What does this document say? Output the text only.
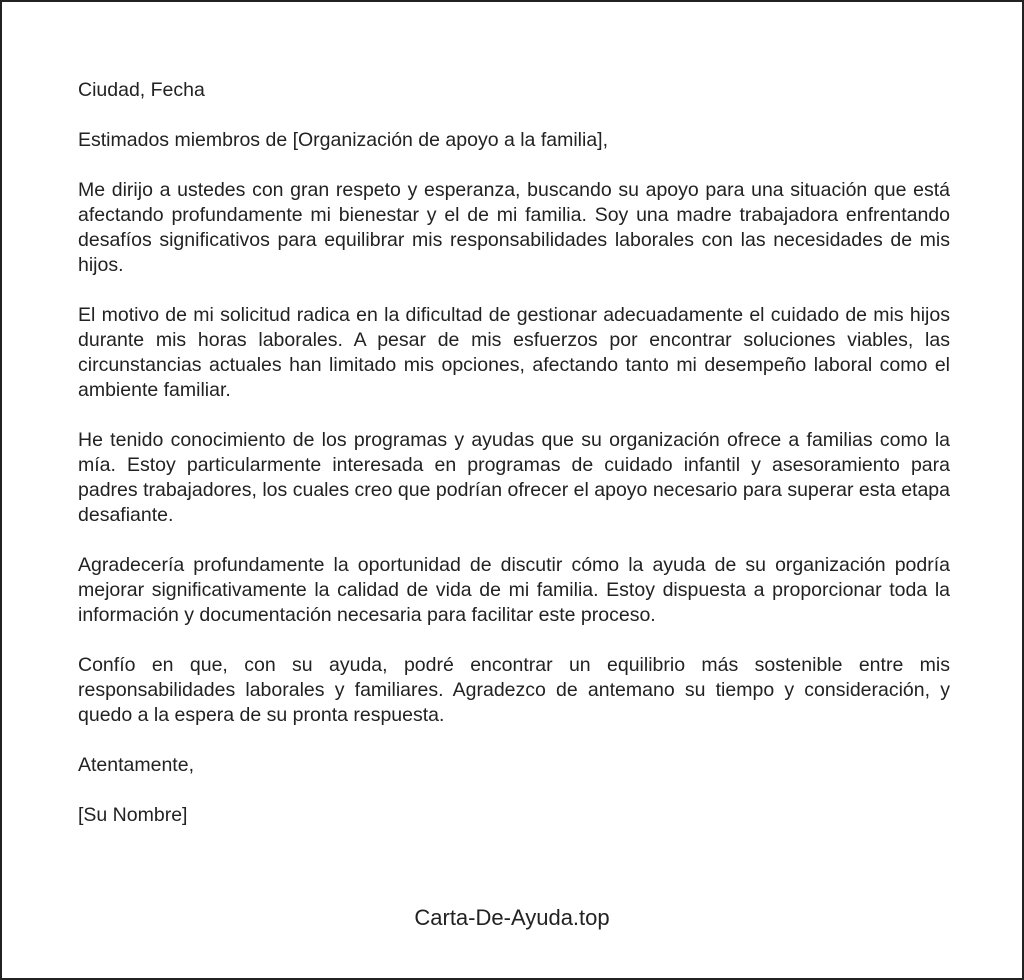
Ciudad, Fecha

Estimados miembros de [Organización de apoyo a la familia],

Me dirijo a ustedes con gran respeto y esperanza, buscando su apoyo para una situación que está afectando profundamente mi bienestar y el de mi familia. Soy una madre trabajadora enfrentando desafíos significativos para equilibrar mis responsabilidades laborales con las necesidades de mis hijos.

El motivo de mi solicitud radica en la dificultad de gestionar adecuadamente el cuidado de mis hijos durante mis horas laborales. A pesar de mis esfuerzos por encontrar soluciones viables, las circunstancias actuales han limitado mis opciones, afectando tanto mi desempeño laboral como el ambiente familiar.

He tenido conocimiento de los programas y ayudas que su organización ofrece a familias como la mía. Estoy particularmente interesada en programas de cuidado infantil y asesoramiento para padres trabajadores, los cuales creo que podrían ofrecer el apoyo necesario para superar esta etapa desafiante.

Agradecería profundamente la oportunidad de discutir cómo la ayuda de su organización podría mejorar significativamente la calidad de vida de mi familia. Estoy dispuesta a proporcionar toda la información y documentación necesaria para facilitar este proceso.

Confío en que, con su ayuda, podré encontrar un equilibrio más sostenible entre mis responsabilidades laborales y familiares. Agradezco de antemano su tiempo y consideración, y quedo a la espera de su pronta respuesta.

Atentamente,

[Su Nombre]

Carta-De-Ayuda.top
